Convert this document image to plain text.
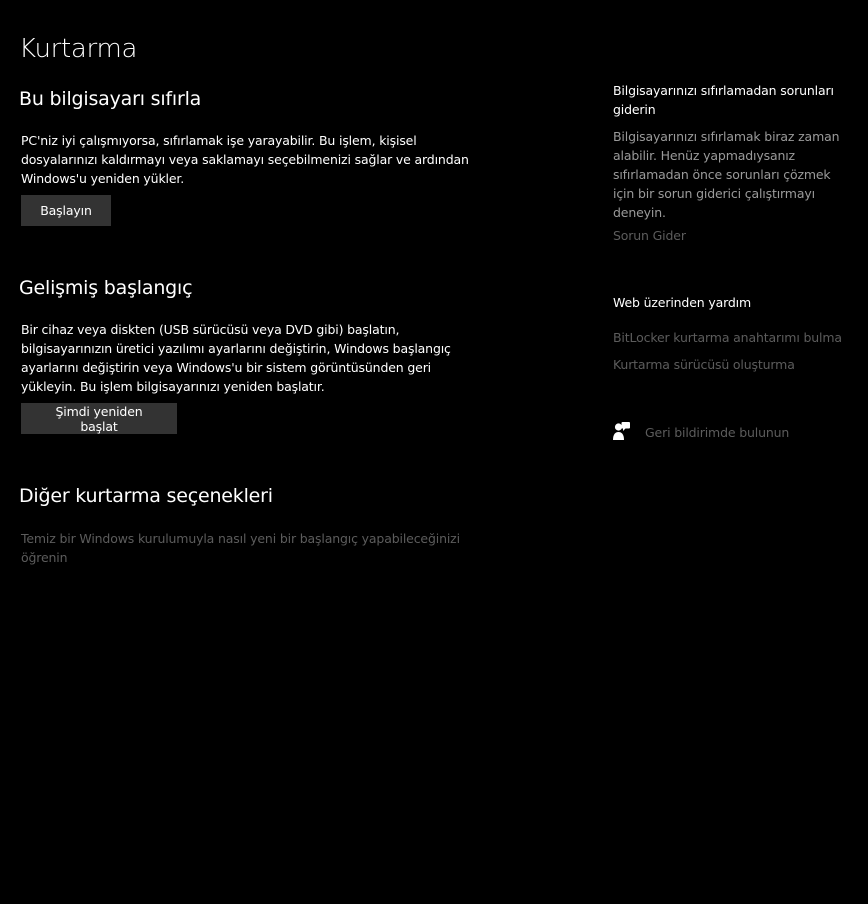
Kurtarma
Bu bilgisayarı sıfırla

PC'niz iyi çalışmıyorsa, sıfırlamak işe yarayabilir. Bu işlem, kişisel dosyalarınızı kaldırmayı veya saklamayı seçebilmenizi sağlar ve ardından Windows'u yeniden yükler.

Başlayın
Gelişmiş başlangıç

Bir cihaz veya diskten (USB sürücüsü veya DVD gibi) başlatın, bilgisayarınızın üretici yazılımı ayarlarını değiştirin, Windows başlangıç ayarlarını değiştirin veya Windows'u bir sistem görüntüsünden geri yükleyin. Bu işlem bilgisayarınızı yeniden başlatır.

Şimdi yeniden başlat
Diğer kurtarma seçenekleri
Temiz bir Windows kurulumuyla nasıl yeni bir başlangıç yapabileceğinizi öğrenin

Bilgisayarınızı sıfırlamadan sorunları giderin

Bilgisayarınızı sıfırlamak biraz zaman alabilir. Henüz yapmadıysanız sıfırlamadan önce sorunları çözmek için bir sorun giderici çalıştırmayı deneyin.

Sorun Gider

Web üzerinden yardım

BitLocker kurtarma anahtarımı bulma
Kurtarma sürücüsü oluşturma
Geri bildirimde bulunun
